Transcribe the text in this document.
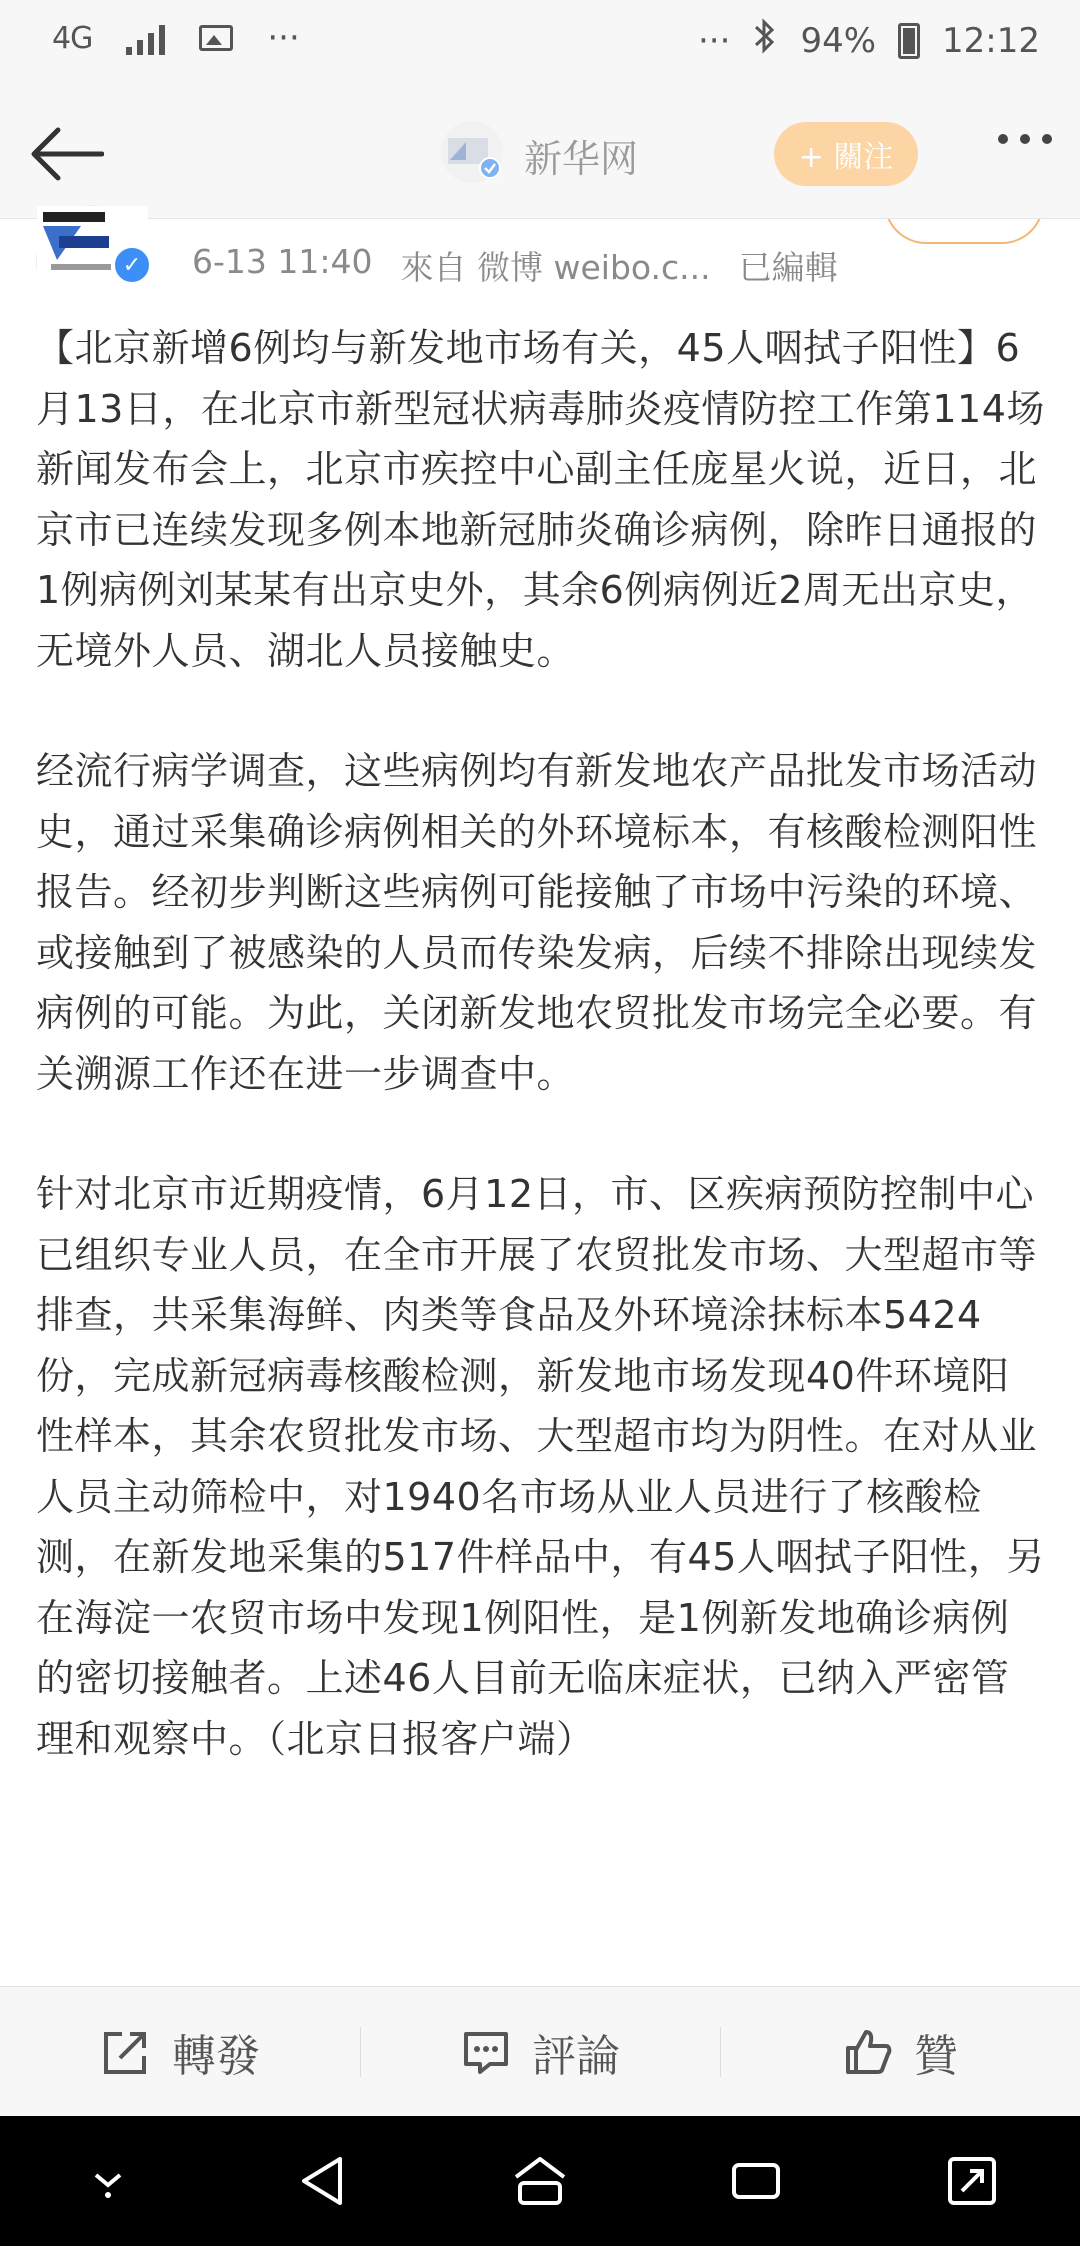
4G	···	··· 94% 12:12
新华网	+ 關注
✓	6-13 11:40 來自 微博 weibo.c... 已編輯

【北京新增6例均与新发地市场有关，45人咽拭子阳性】6月13日，在北京市新型冠状病毒肺炎疫情防控工作第114场新闻发布会上，北京市疾控中心副主任庞星火说，近日，北京市已连续发现多例本地新冠肺炎确诊病例，除昨日通报的1例病例刘某某有出京史外，其余6例病例近2周无出京史，无境外人员、湖北人员接触史。

经流行病学调查，这些病例均有新发地农产品批发市场活动史，通过采集确诊病例相关的外环境标本，有核酸检测阳性报告。经初步判断这些病例可能接触了市场中污染的环境、或接触到了被感染的人员而传染发病，后续不排除出现续发病例的可能。为此，关闭新发地农贸批发市场完全必要。有关溯源工作还在进一步调查中。

针对北京市近期疫情，6月12日，市、区疾病预防控制中心已组织专业人员，在全市开展了农贸批发市场、大型超市等排查，共采集海鲜、肉类等食品及外环境涂抹标本5424份，完成新冠病毒核酸检测，新发地市场发现40件环境阳性样本，其余农贸批发市场、大型超市均为阴性。在对从业人员主动筛检中，对1940名市场从业人员进行了核酸检测，在新发地采集的517件样品中，有45人咽拭子阳性，另在海淀一农贸市场中发现1例阳性，是1例新发地确诊病例的密切接触者。上述46人目前无临床症状，已纳入严密管理和观察中。（北京日报客户端）

轉發	評論	贊
